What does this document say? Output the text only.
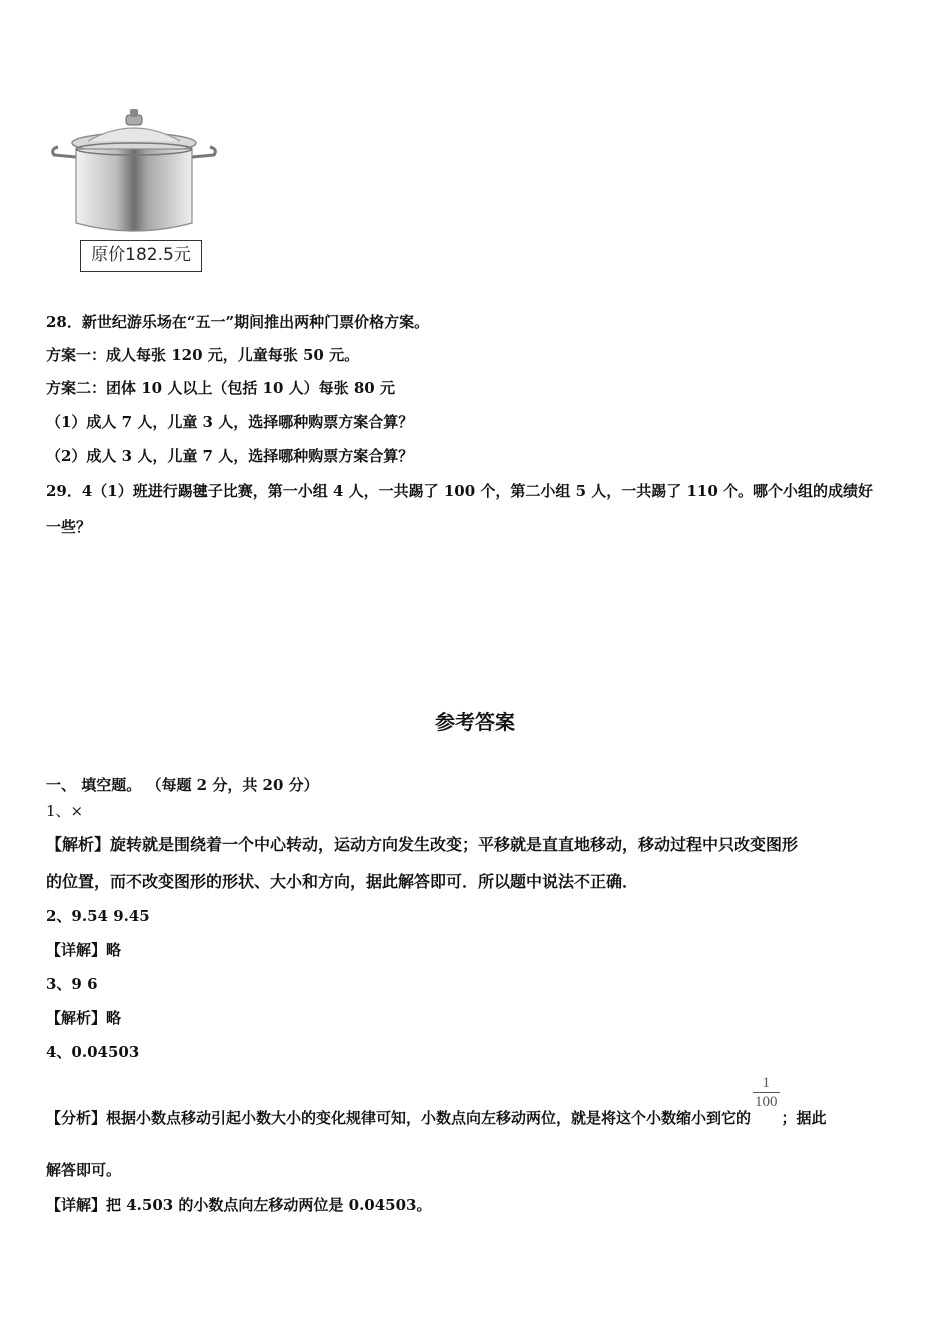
原价182.5元
28．新世纪游乐场在“五一”期间推出两种门票价格方案。
方案一：成人每张 120 元，儿童每张 50 元。
方案二：团体 10 人以上（包括 10 人）每张 80 元
（1）成人 7 人，儿童 3 人，选择哪种购票方案合算？
（2）成人 3 人，儿童 7 人，选择哪种购票方案合算？
29．4（1）班进行踢毽子比赛，第一小组 4 人，一共踢了 100 个，第二小组 5 人，一共踢了 110 个。哪个小组的成绩好
一些？
参考答案
一、 填空题。 （每题 2 分，共 20 分）
1、×
【解析】旋转就是围绕着一个中心转动，运动方向发生改变；平移就是直直地移动，移动过程中只改变图形
的位置，而不改变图形的形状、大小和方向，据此解答即可．所以题中说法不正确．
2、9.54 9.45
【详解】略
3、9 6
【解析】略
4、0.04503
【分析】根据小数点移动引起小数大小的变化规律可知，小数点向左移动两位，就是将这个小数缩小到它的
$\frac{1}{100}$
；据此
解答即可。
【详解】把 4.503 的小数点向左移动两位是 0.04503。
